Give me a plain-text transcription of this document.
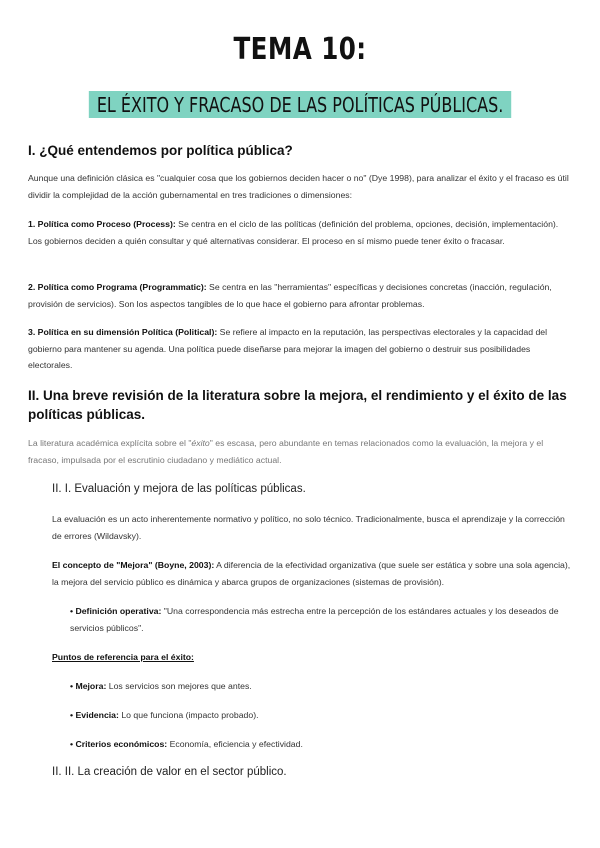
TEMA 10:
EL ÉXITO Y FRACASO DE LAS POLÍTICAS PÚBLICAS.
I. ¿Qué entendemos por política pública?
Aunque una definición clásica es "cualquier cosa que los gobiernos deciden hacer o no" (Dye 1998), para analizar el éxito y el fracaso es útil dividir la complejidad de la acción gubernamental en tres tradiciones o dimensiones:
1. Política como Proceso (Process): Se centra en el ciclo de las políticas (definición del problema, opciones, decisión, implementación). Los gobiernos deciden a quién consultar y qué alternativas considerar. El proceso en sí mismo puede tener éxito o fracasar.
2. Política como Programa (Programmatic): Se centra en las "herramientas" específicas y decisiones concretas (inacción, regulación, provisión de servicios). Son los aspectos tangibles de lo que hace el gobierno para afrontar problemas.
3. Política en su dimensión Política (Political): Se refiere al impacto en la reputación, las perspectivas electorales y la capacidad del gobierno para mantener su agenda. Una política puede diseñarse para mejorar la imagen del gobierno o destruir sus posibilidades electorales.
II. Una breve revisión de la literatura sobre la mejora, el rendimiento y el éxito de las políticas públicas.
La literatura académica explícita sobre el "éxito" es escasa, pero abundante en temas relacionados como la evaluación, la mejora y el fracaso, impulsada por el escrutinio ciudadano y mediático actual.
II. I. Evaluación y mejora de las políticas públicas.
La evaluación es un acto inherentemente normativo y político, no solo técnico. Tradicionalmente, busca el aprendizaje y la corrección de errores (Wildavsky).
El concepto de "Mejora" (Boyne, 2003): A diferencia de la efectividad organizativa (que suele ser estática y sobre una sola agencia), la mejora del servicio público es dinámica y abarca grupos de organizaciones (sistemas de provisión).
• Definición operativa: "Una correspondencia más estrecha entre la percepción de los estándares actuales y los deseados de servicios públicos".
Puntos de referencia para el éxito:
• Mejora: Los servicios son mejores que antes.
• Evidencia: Lo que funciona (impacto probado).
• Criterios económicos: Economía, eficiencia y efectividad.
II. II. La creación de valor en el sector público.
